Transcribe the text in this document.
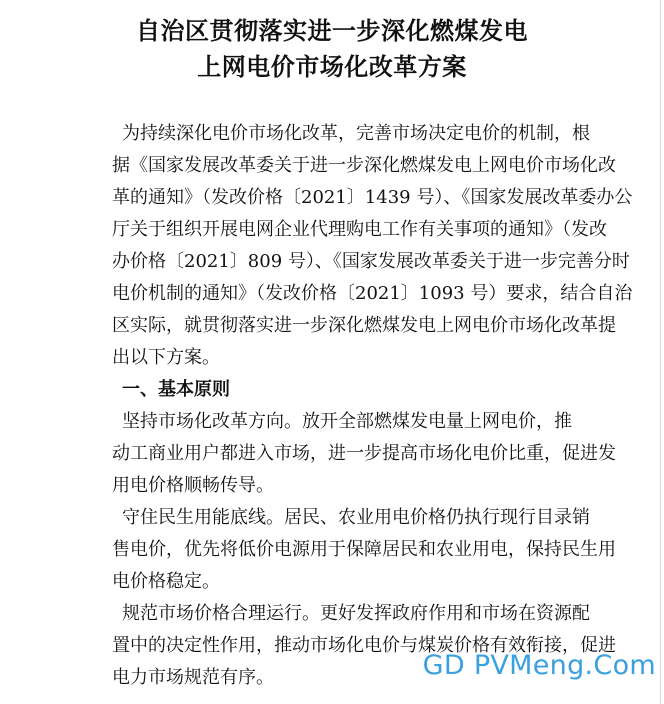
自治区贯彻落实进一步深化燃煤发电
上网电价市场化改革方案
为持续深化电价市场化改革，完善市场决定电价的机制，根
据《国家发展改革委关于进一步深化燃煤发电上网电价市场化改
革的通知》（发改价格〔2021〕1439 号）、《国家发展改革委办公
厅关于组织开展电网企业代理购电工作有关事项的通知》（发改
办价格〔2021〕809 号）、《国家发展改革委关于进一步完善分时
电价机制的通知》（发改价格〔2021〕1093 号）要求，结合自治
区实际，就贯彻落实进一步深化燃煤发电上网电价市场化改革提
出以下方案。
一、基本原则
坚持市场化改革方向。放开全部燃煤发电量上网电价，推
动工商业用户都进入市场，进一步提高市场化电价比重，促进发
用电价格顺畅传导。
守住民生用能底线。居民、农业用电价格仍执行现行目录销
售电价，优先将低价电源用于保障居民和农业用电，保持民生用
电价格稳定。
规范市场价格合理运行。更好发挥政府作用和市场在资源配
置中的决定性作用，推动市场化电价与煤炭价格有效衔接，促进
电力市场规范有序。	GD PVMeng.Com
